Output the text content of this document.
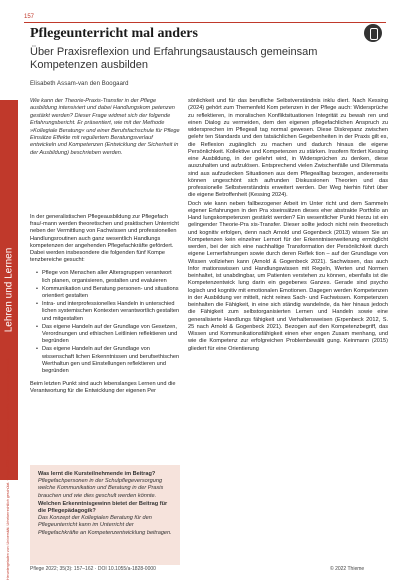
157
Pflegeunterricht mal anders
Über Praxisreflexion und Erfahrungsaustausch gemeinsam Kompetenzen ausbilden
Elisabeth Assam-van den Boogaard
Wie kann der Theorie-Praxis-Transfer in der Pflege ausbildung intensiviert und dabei Handlungskom petenzen gestärkt werden? Dieser Frage widmet sich der folgende Erfahrungsbericht. Er präsentiert, wie mit der Methode »Kollegiale Beratung« und einer Berufsfachschule für Pflege Einsätze Effekte mit reguliertem Beratungsverlauf entwickeln und Kompetenzen (Entwicklung der Sicherheit in der Ausbildung) beschrieben werden.

In der generalistischen Pflegeausbildung zur Pflegefach frau/-mann werden theoretischen und praktischen Unterricht neben der Vermittlung von Fachwissen und professionellen Handlungsroutinen auch ganz wesentlich Handlungs kompetenzen der angehenden Pflegefachkräfte gefördert. Dabei werden insbesondere die folgenden fünf Kompe tenzbereiche gesucht:

• Pflege von Menschen aller Altersgruppen verantwort lich planen, organisieren, gestalten und evaluieren
• Kommunikation und Beratung personen- und situations orientiert gestalten
• Intra- und interprofessionelles Handeln in unterschied lichen systemischen Kontexten verantwortlich gestalten und mitgestalten
• Das eigene Handeln auf der Grundlage von Gesetzen, Verordnungen und ethischen Leitlinien reflektieren und begründen
• Das eigene Handeln auf der Grundlage von wissenschaft lichen Erkenntnissen und berufsethischen Werthaltun gen und Einstellungen reflektieren und begründen

Beim letzten Punkt sind auch lebenslanges Lernen und die Verantwortung für die Entwicklung der eigenen Per

sönlichkeit und für das berufliche Selbstverständnis inklu diert. Nach Kessing (2024) gehört zum Themenfeld Kom petenzen in der Pflege auch: Widersprüche zu reflektieren, in moralischen Konfliktsituationen Integrität zu bewah ren und einen Dialog zu vermeiden, dem den eigenen pflegefachlichen Anspruch zu widersprechen im Pflegeall tag normal gewesen. Diese Diskrepanz zwischen gelehr ten Standards und den tatsächlichen Gegebenheiten in der Praxis gilt es, die Reflexion zugänglich zu machen und dadurch hinaus die eigene Persönlichkeit. Kollektive und Kompetenzen zu stärken. Insofern fördert Kessing eine Ausbildung, in der gelehrt wird, in Widersprüchen zu denken, diese auszuhalten und aufzulösen. Entsprechend vielen Zwischenfälle und Dilemmata sind aus aufzudecken Situationen aus dem Pflegealltag bezogen, andererseits können ungeschönt sich aufrunden Diskussionen Theorien und das professionelle Selbstverständnis erweitert werden. Der Weg hierhin führt über die eigene Betroffenheit (Kessing 2024).

Doch wie kann neben fallbezogener Arbeit im Unter richt und dem Sammeln eigener Erfahrungen in den Pra xiseinsätzen dieses eher abstrakte Portfolio an Hand lungskompetenzen gestärkt werden? Ein wesentlicher Punkt hierzu ist ein gelingender Theorie-Pra xis-Transfer. Dieser sollte jedoch nicht rein theoretisch und kognitiv erfolgen, denn nach Arnold und Gogenbeck (2013) wissen Sie an Kompetenzen kein einzelner Lernort für der Erkenntniserweiterung ermöglicht werden, bei der sich eine nachhaltige Transformation der Persönlichkeit durch eigene Lernerfahrungen sowie durch deren Reflek tion – auf der Grundlage von Wissen vollziehen kann (Arnold & Gogenbeck 2021). Sachwissen, das auch Infor mationswissen und Handlungswissen mit Regeln, Werten und Normen beinhaltet, ist unabdingbar, um Patienten verstehen zu können, ebenfalls ist die Kompetenzentwick lung darin ein gegebenes Ganzes. Gerade sind psycho logisch und kognitiv mit emotionalen Emotionen. Dagegen werden Kompetenzen in der Ausbildung ver mittelt, nicht reines Sach- und Fachwissen. Kompetenzen beinhalten die Fähigkeit, in eine sich ständig wandelnde, da hier hinaus jedoch die Fähigkeit zum selbstorganisierten Lernen und Handeln sowie eine generalisierte Handlungs fähigkeit und Verhaltensweisen (Erpenbeck 2012, S. 25 nach Arnold & Gogenbeck 2021). Bezogen auf den Kompetenzbegriff, das Wissen und Kommunikationsfähigkeit einen eher engen Zusam menhang, und wie die Kompetenz zur erfolgreichen Problembewälti gung. Keinmann (2015) gliedert für eine Orientierung

Was lernt die Kursteilnehmende im Beitrag?
Pflegefachpersonen in der Schulpflegeversorgung welche Kommunikation und Beratung in der Praxis brauchen und wie dies geschult werden könnte.
Welchen Erkenntnisgewinn bietet der Beitrag für die Pflegepädagogik?
Das Konzept der Kollegialen Beratung für den Pflegeunterricht kann im Unterricht der Pflegefachkräfte an Kompetenzentwicklung beitragen.
Pflege 2022; 35(3): 157–162 · DOI 10.1055/a-1828-0000	© 2022 Thieme
Lehren und Lernen
Heruntergeladen von: Universität. Urheberrechtlich geschützt. · Pflege 2022 · Heruntergeladen von: Universität. Urheberrechtlich geschützt.
